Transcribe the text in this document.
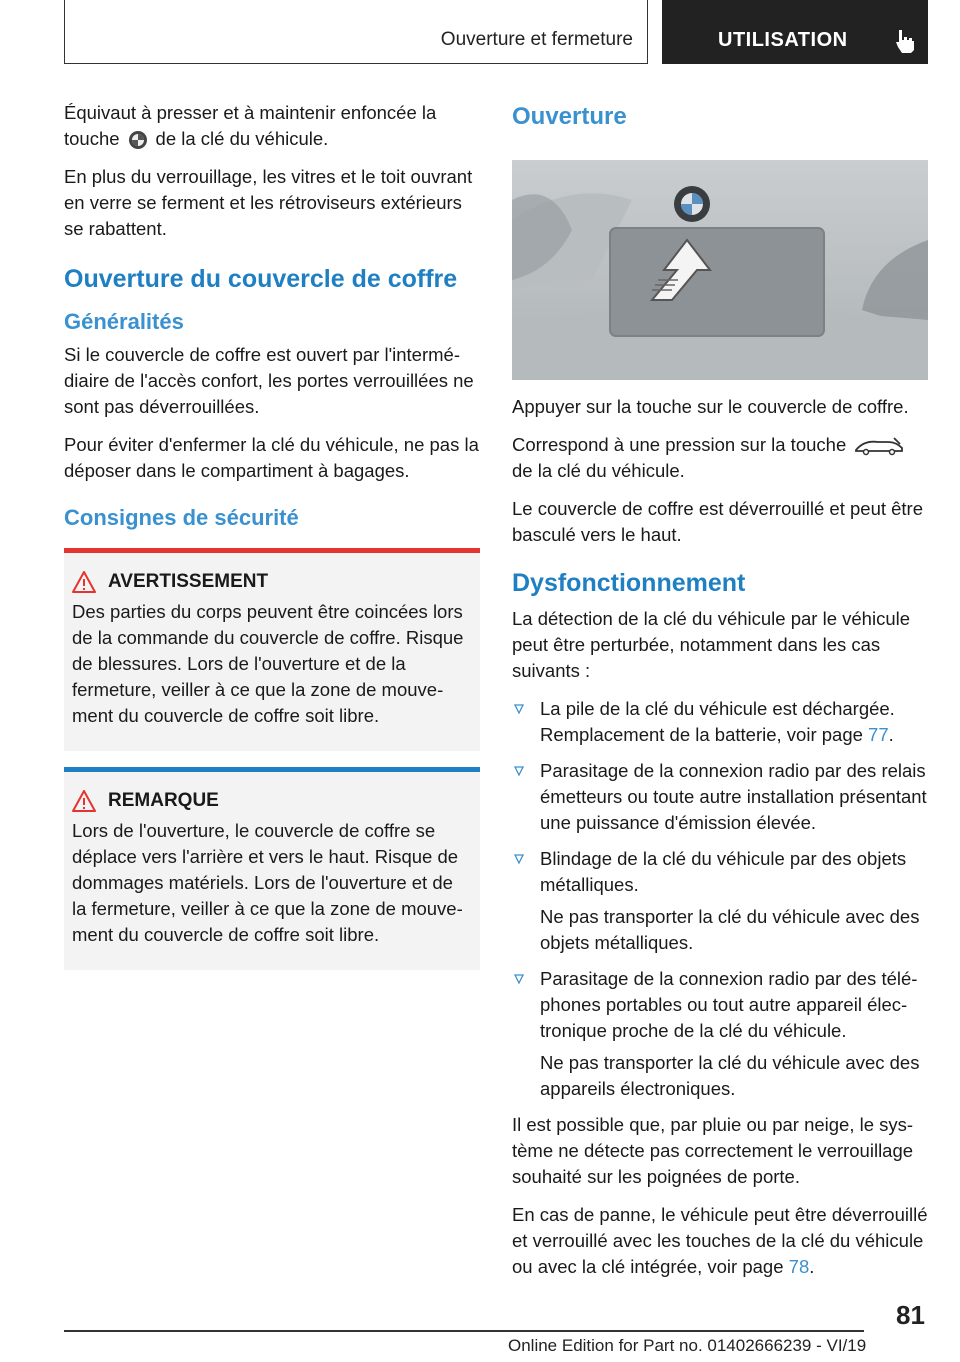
Ouverture et fermeture	UTILISATION

Équivaut à presser et à maintenir enfoncée la touche de la clé du véhicule.

En plus du verrouillage, les vitres et le toit ouvrant en verre se ferment et les rétroviseurs extérieurs se rabattent.

Ouverture du couvercle de coffre
Généralités

Si le couvercle de coffre est ouvert par l'intermédiaire de l'accès confort, les portes verrouillées ne sont pas déverrouillées.

Pour éviter d'enfermer la clé du véhicule, ne pas la déposer dans le compartiment à bagages.

Consignes de sécurité
AVERTISSEMENT

Des parties du corps peuvent être coincées lors de la commande du couvercle de coffre. Risque de blessures. Lors de l'ouverture et de la fermeture, veiller à ce que la zone de mouvement du couvercle de coffre soit libre.

REMARQUE

Lors de l'ouverture, le couvercle de coffre se déplace vers l'arrière et vers le haut. Risque de dommages matériels. Lors de l'ouverture et de la fermeture, veiller à ce que la zone de mouvement du couvercle de coffre soit libre.

Ouverture

Appuyer sur la touche sur le couvercle de coffre.

Correspond à une pression sur la touche
de la clé du véhicule.

Le couvercle de coffre est déverrouillé et peut être basculé vers le haut.

Dysfonctionnement

La détection de la clé du véhicule par le véhicule peut être perturbée, notamment dans les cas suivants :

La pile de la clé du véhicule est déchargée. Remplacement de la batterie, voir page 77.

Parasitage de la connexion radio par des relais émetteurs ou toute autre installation présentant une puissance d'émission élevée.

Blindage de la clé du véhicule par des objets métalliques.

Ne pas transporter la clé du véhicule avec des objets métalliques.

Parasitage de la connexion radio par des téléphones portables ou tout autre appareil électronique proche de la clé du véhicule.

Ne pas transporter la clé du véhicule avec des appareils électroniques.

Il est possible que, par pluie ou par neige, le système ne détecte pas correctement le verrouillage souhaité sur les poignées de porte.

En cas de panne, le véhicule peut être déverrouillé et verrouillé avec les touches de la clé du véhicule ou avec la clé intégrée, voir page 78.

81
Online Edition for Part no. 01402666239 - VI/19
